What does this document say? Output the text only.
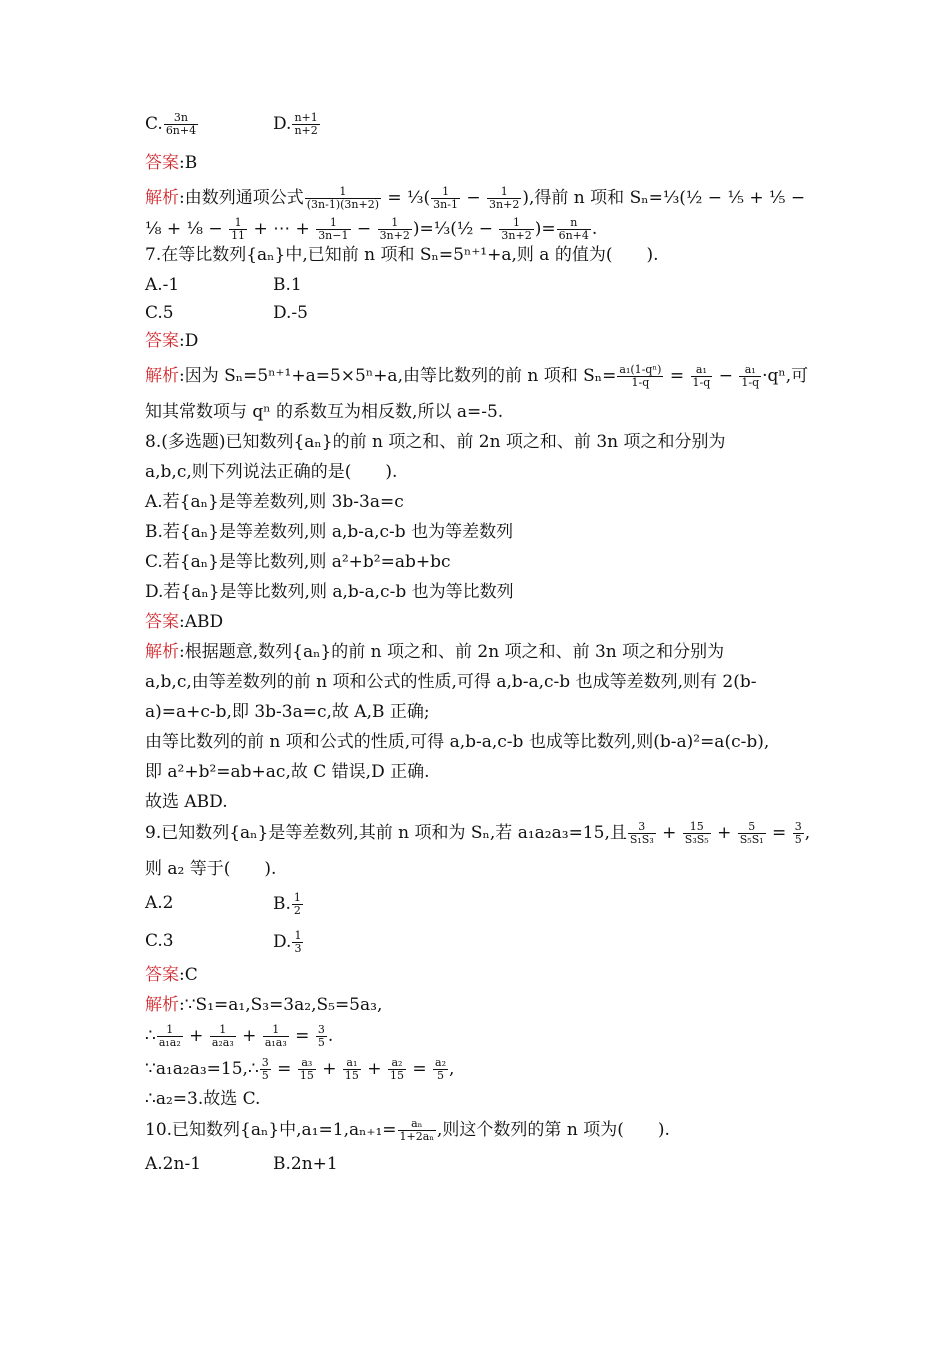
C. $\frac{3n}{6n+4}$	D. $\frac{n+1}{n+2}$
答案:B
解析:由数列通项公式 $\frac{1}{(3n-1)(3n+2)}$ = ⅓( $\frac{1}{3n-1} - \frac{1}{3n+2}$ ),得前 n 项和 Sₙ=⅓(½ − ⅕ + ⅕ −
⅛ + ⅛ − $\frac{1}{11}$ + ⋯ + $\frac{1}{3n-1} - \frac{1}{3n+2}$ )=⅓(½ − $\frac{1}{3n+2}$ )= $\frac{n}{6n+4}$ .
7.在等比数列{aₙ}中,已知前 n 项和 Sₙ=5ⁿ⁺¹+a,则 a 的值为(　　).
A.-1	B.1
C.5	D.-5
答案:D
解析:因为 Sₙ=5ⁿ⁺¹+a=5×5ⁿ+a,由等比数列的前 n 项和 $S_n= \frac{\text{a₁(1-qⁿ)}}{1-q} = \frac{\text{a₁}}{1-q} - \frac{\text{a₁}}{1-q} \cdot q^n$,可
知其常数项与 qⁿ 的系数互为相反数,所以 a=-5.
8.(多选题)已知数列{aₙ}的前 n 项之和、前 2n 项之和、前 3n 项之和分别为
a,b,c,则下列说法正确的是(　　).
A.若{aₙ}是等差数列,则 3b-3a=c
B.若{aₙ}是等差数列,则 a,b-a,c-b 也为等差数列
C.若{aₙ}是等比数列,则 a²+b²=ab+bc
D.若{aₙ}是等比数列,则 a,b-a,c-b 也为等比数列
答案:ABD
解析:根据题意,数列{aₙ}的前 n 项之和、前 2n 项之和、前 3n 项之和分别为
a,b,c,由等差数列的前 n 项和公式的性质,可得 a,b-a,c-b 也成等差数列,则有 2(b-
a)=a+c-b,即 3b-3a=c,故 A,B 正确;
由等比数列的前 n 项和公式的性质,可得 a,b-a,c-b 也成等比数列,则(b-a)²=a(c-b),
即 a²+b²=ab+ac,故 C 错误,D 正确.
故选 ABD.
9.已知数列{aₙ}是等差数列,其前 n 项和为 Sₙ,若 a₁a₂a₃=15,且 $\frac{3}{\text{S₁S₃}} + \frac{15}{\text{S₃S₅}} + \frac{5}{\text{S₅S₁}} = \frac{3}{5}$ ,
则 a₂ 等于(　　).
A.2	B. $\frac{1}{2}$
C.3	D. $\frac{1}{3}$
答案:C
解析:∵S₁=a₁,S₃=3a₂,S₅=5a₃,
∴ $\frac{1}{\text{a₁a₂}} + \frac{1}{\text{a₂a₃}} + \frac{1}{\text{a₁a₃}} = \frac{3}{5}$ .
∵a₁a₂a₃=15,∴ $\frac{3}{5} = \frac{\text{a₃}}{15} + \frac{\text{a₁}}{15} + \frac{\text{a₂}}{15} = \frac{\text{a₂}}{5}$ ,
∴a₂=3.故选 C.
10.已知数列{aₙ}中$,a_1=1,a_{n+1}= \frac{\text{aₙ}}{\text{1+2aₙ}}$ ,则这个数列的第 n 项为(　　).
A.2n-1	B.2n+1
